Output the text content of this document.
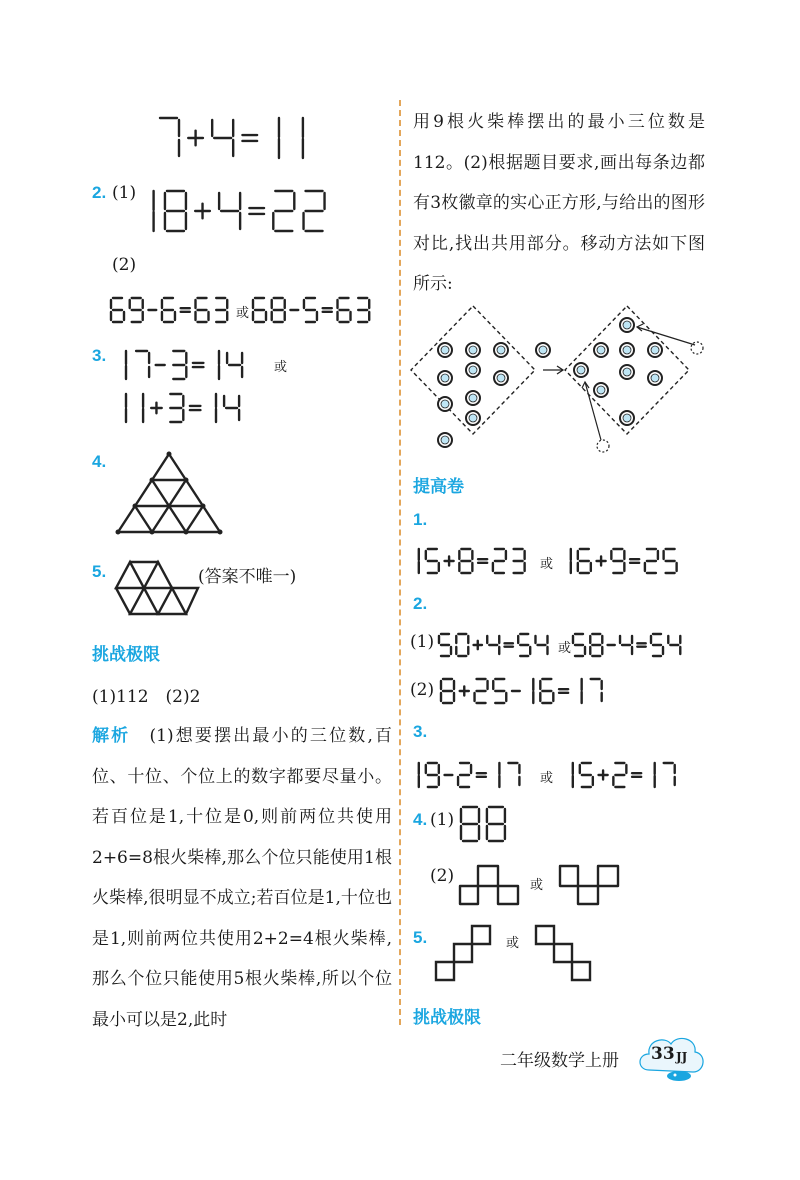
2. (1)
(2)
或
3.
或
4.
5.	(答案不唯一)
挑战极限
(1)112　(2)2
解析　 (1)想要摆出最小的三位数,百位、十位、个位上的数字都要尽量小。若百位是1,十位是0,则前两位共使用2+6=8根火柴棒,那么个位只能使用1根火柴棒,很明显不成立;若百位是1,十位也是1,则前两位共使用2+2=4根火柴棒,那么个位只能使用5根火柴棒,所以个位最小可以是2,此时
用9根火柴棒摆出的最小三位数是112。(2)根据题目要求,画出每条边都有3枚徽章的实心正方形,与给出的图形对比,找出共用部分。移动方法如下图所示:
提高卷
1.
或
2.
(1)	或
(2)
3.
或
4. (1)
(2)	或
5.	或
挑战极限
二年级数学上册 33 JJ
